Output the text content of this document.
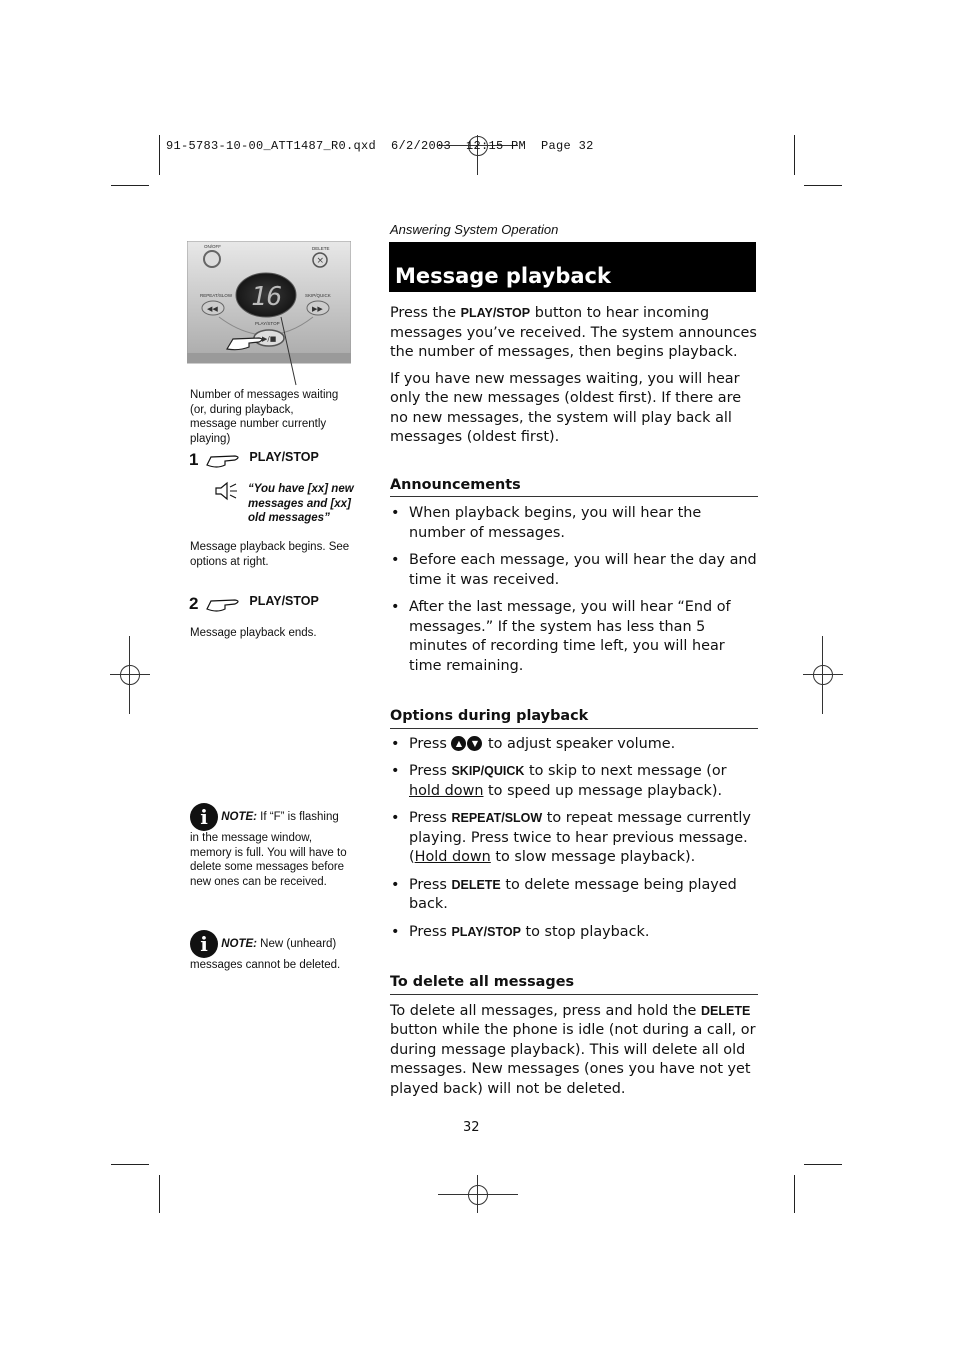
91-5783-10-00_ATT1487_R0.qxd  6/2/2003  12:15 PM  Page 32
ON/OFF
×
DELETE
16
REPEAT/SLOW
◀◀
SKIP/QUICK
▶▶
PLAY/STOP
▶/■
Number of messages waiting (or, during playback, message number currently playing)
1	$^{PLAY/STOP}$
“You have [xx] new messages and [xx] old messages”
Message playback begins. See options at right.
2	$^{PLAY/STOP}$
Message playback ends.
i NOTE: If “F” is flashing in the message window, memory is full. You will have to delete some messages before new ones can be received.
i NOTE: New (unheard) messages cannot be deleted.
Answering System Operation
Message playback

Press the PLAY/STOP button to hear incoming messages you’ve received. The system announces the number of messages, then begins playback.

If you have new messages waiting, you will hear only the new messages (oldest first). If there are no new messages, the system will play back all messages (oldest first).

Announcements
• When playback begins, you will hear the number of messages.
• Before each message, you will hear the day and time it was received.
• After the last message, you will hear “End of messages.” If the system has less than 5 minutes of recording time left, you will hear time remaining.
Options during playback
• Press ▲ ▼ to adjust speaker volume.
• Press SKIP/QUICK to skip to next message (or hold down to speed up message playback).
• Press REPEAT/SLOW to repeat message currently playing. Press twice to hear previous message. (Hold down to slow message playback).
• Press DELETE to delete message being played back.
• Press PLAY/STOP to stop playback.
To delete all messages

To delete all messages, press and hold the DELETE button while the phone is idle (not during a call, or during message playback). This will delete all old messages. New messages (ones you have not yet played back) will not be deleted.

32
